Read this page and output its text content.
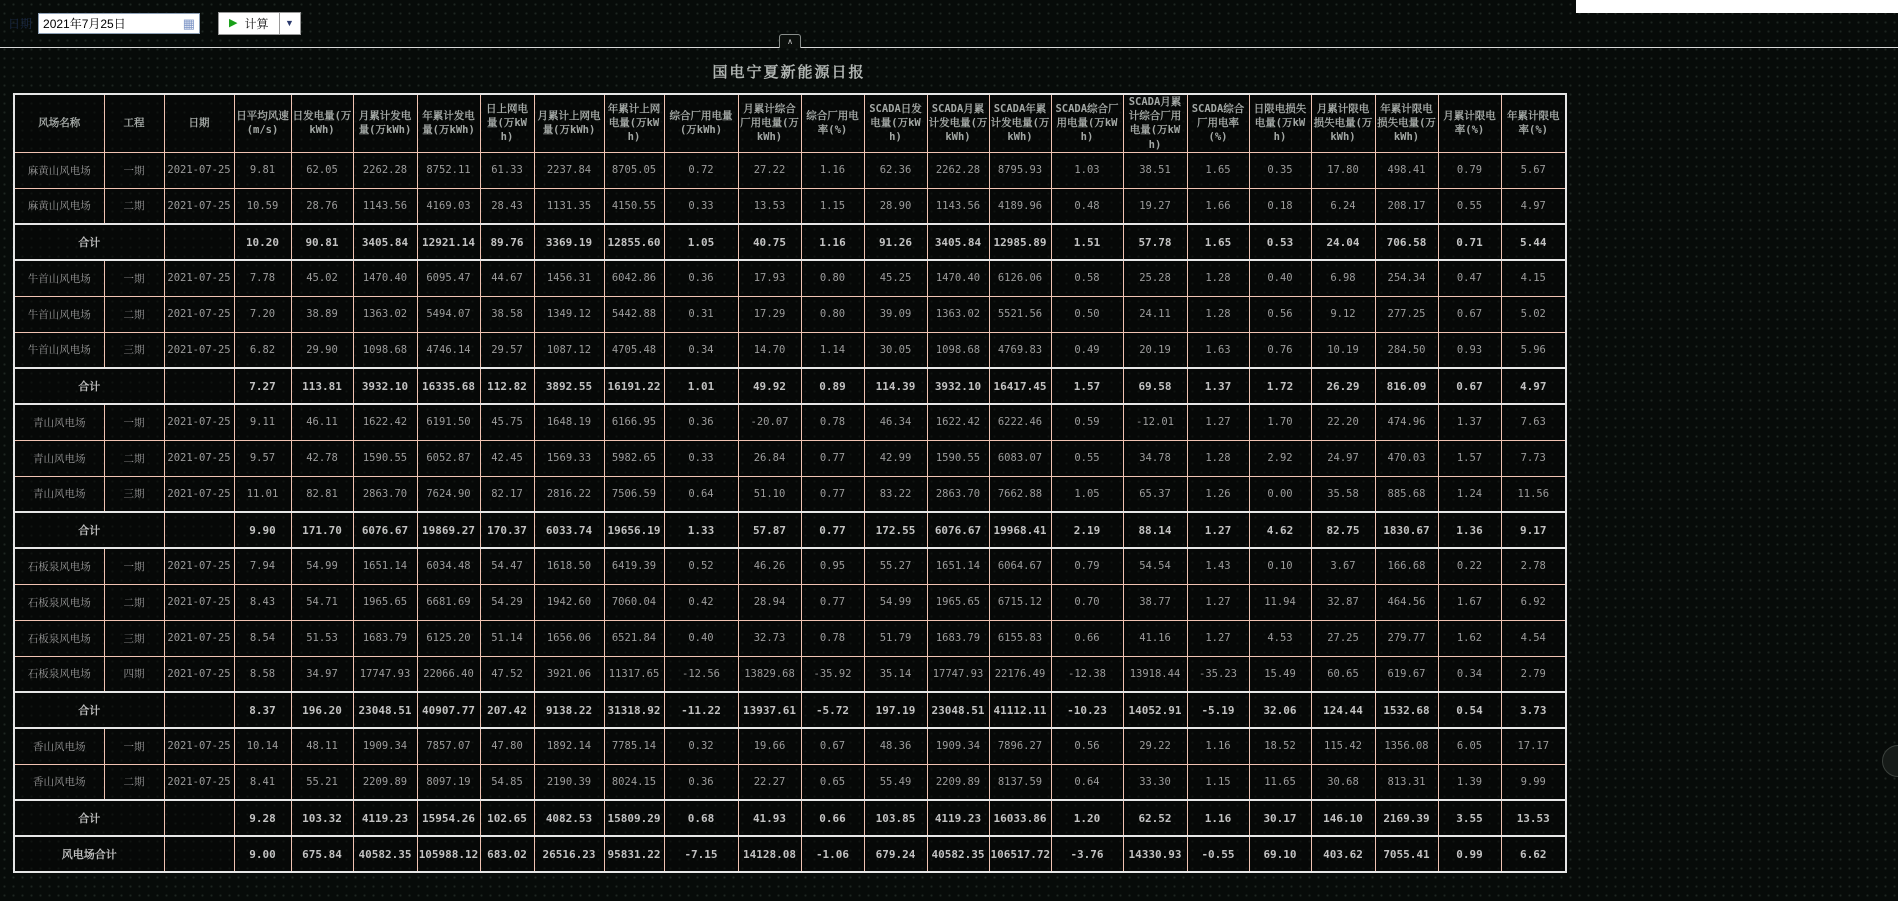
日期 2021年7月25日	▦	▶ 计算 ▼
∧
国电宁夏新能源日报
风场名称	工程	日期	日平均风速(m/s)	日发电量(万kWh)	月累计发电量(万kWh)	年累计发电量(万kWh)	日上网电量(万kWh)	月累计上网电量(万kWh)	年累计上网电量(万kWh)	综合厂用电量(万kWh)	月累计综合厂用电量(万kWh)	综合厂用电率(%)	SCADA日发电量(万kWh)	SCADA月累计发电量(万kWh)	SCADA年累计发电量(万kWh)	SCADA综合厂用电量(万kWh)	SCADA月累计综合厂用电量(万kWh)	SCADA综合厂用电率(%)	日限电损失电量(万kWh)	月累计限电损失电量(万kWh)	年累计限电损失电量(万kWh)	月累计限电率(%)	年累计限电率(%)
麻黄山风电场	一期	2021-07-25	9.81	62.05	2262.28	8752.11	61.33	2237.84	8705.05	0.72	27.22	1.16	62.36	2262.28	8795.93	1.03	38.51	1.65	0.35	17.80	498.41	0.79	5.67
麻黄山风电场	二期	2021-07-25	10.59	28.76	1143.56	4169.03	28.43	1131.35	4150.55	0.33	13.53	1.15	28.90	1143.56	4189.96	0.48	19.27	1.66	0.18	6.24	208.17	0.55	4.97
合计			10.20	90.81	3405.84	12921.14	89.76	3369.19	12855.60	1.05	40.75	1.16	91.26	3405.84	12985.89	1.51	57.78	1.65	0.53	24.04	706.58	0.71	5.44
牛首山风电场	一期	2021-07-25	7.78	45.02	1470.40	6095.47	44.67	1456.31	6042.86	0.36	17.93	0.80	45.25	1470.40	6126.06	0.58	25.28	1.28	0.40	6.98	254.34	0.47	4.15
牛首山风电场	二期	2021-07-25	7.20	38.89	1363.02	5494.07	38.58	1349.12	5442.88	0.31	17.29	0.80	39.09	1363.02	5521.56	0.50	24.11	1.28	0.56	9.12	277.25	0.67	5.02
牛首山风电场	三期	2021-07-25	6.82	29.90	1098.68	4746.14	29.57	1087.12	4705.48	0.34	14.70	1.14	30.05	1098.68	4769.83	0.49	20.19	1.63	0.76	10.19	284.50	0.93	5.96
合计			7.27	113.81	3932.10	16335.68	112.82	3892.55	16191.22	1.01	49.92	0.89	114.39	3932.10	16417.45	1.57	69.58	1.37	1.72	26.29	816.09	0.67	4.97
青山风电场	一期	2021-07-25	9.11	46.11	1622.42	6191.50	45.75	1648.19	6166.95	0.36	-20.07	0.78	46.34	1622.42	6222.46	0.59	-12.01	1.27	1.70	22.20	474.96	1.37	7.63
青山风电场	二期	2021-07-25	9.57	42.78	1590.55	6052.87	42.45	1569.33	5982.65	0.33	26.84	0.77	42.99	1590.55	6083.07	0.55	34.78	1.28	2.92	24.97	470.03	1.57	7.73
青山风电场	三期	2021-07-25	11.01	82.81	2863.70	7624.90	82.17	2816.22	7506.59	0.64	51.10	0.77	83.22	2863.70	7662.88	1.05	65.37	1.26	0.00	35.58	885.68	1.24	11.56
合计			9.90	171.70	6076.67	19869.27	170.37	6033.74	19656.19	1.33	57.87	0.77	172.55	6076.67	19968.41	2.19	88.14	1.27	4.62	82.75	1830.67	1.36	9.17
石板泉风电场	一期	2021-07-25	7.94	54.99	1651.14	6034.48	54.47	1618.50	6419.39	0.52	46.26	0.95	55.27	1651.14	6064.67	0.79	54.54	1.43	0.10	3.67	166.68	0.22	2.78
石板泉风电场	二期	2021-07-25	8.43	54.71	1965.65	6681.69	54.29	1942.60	7060.04	0.42	28.94	0.77	54.99	1965.65	6715.12	0.70	38.77	1.27	11.94	32.87	464.56	1.67	6.92
石板泉风电场	三期	2021-07-25	8.54	51.53	1683.79	6125.20	51.14	1656.06	6521.84	0.40	32.73	0.78	51.79	1683.79	6155.83	0.66	41.16	1.27	4.53	27.25	279.77	1.62	4.54
石板泉风电场	四期	2021-07-25	8.58	34.97	17747.93	22066.40	47.52	3921.06	11317.65	-12.56	13829.68	-35.92	35.14	17747.93	22176.49	-12.38	13918.44	-35.23	15.49	60.65	619.67	0.34	2.79
合计			8.37	196.20	23048.51	40907.77	207.42	9138.22	31318.92	-11.22	13937.61	-5.72	197.19	23048.51	41112.11	-10.23	14052.91	-5.19	32.06	124.44	1532.68	0.54	3.73
香山风电场	一期	2021-07-25	10.14	48.11	1909.34	7857.07	47.80	1892.14	7785.14	0.32	19.66	0.67	48.36	1909.34	7896.27	0.56	29.22	1.16	18.52	115.42	1356.08	6.05	17.17
香山风电场	二期	2021-07-25	8.41	55.21	2209.89	8097.19	54.85	2190.39	8024.15	0.36	22.27	0.65	55.49	2209.89	8137.59	0.64	33.30	1.15	11.65	30.68	813.31	1.39	9.99
合计			9.28	103.32	4119.23	15954.26	102.65	4082.53	15809.29	0.68	41.93	0.66	103.85	4119.23	16033.86	1.20	62.52	1.16	30.17	146.10	2169.39	3.55	13.53
风电场合计			9.00	675.84	40582.35	105988.12	683.02	26516.23	95831.22	-7.15	14128.08	-1.06	679.24	40582.35	106517.72	-3.76	14330.93	-0.55	69.10	403.62	7055.41	0.99	6.62
